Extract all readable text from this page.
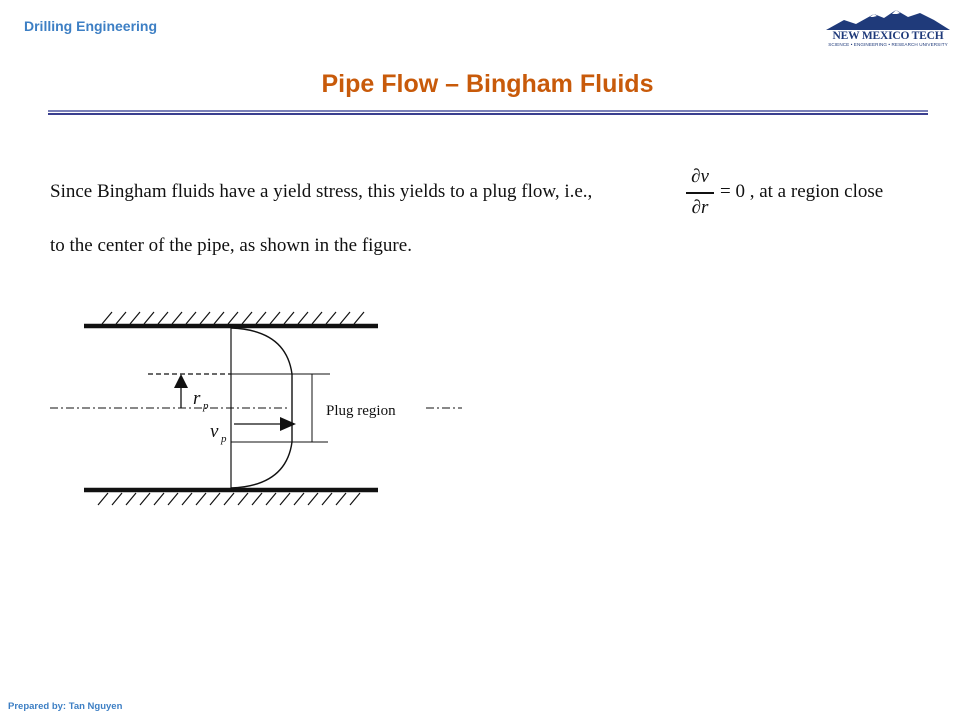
Drilling Engineering
NEW MEXICO TECH
SCIENCE • ENGINEERING • RESEARCH UNIVERSITY
Pipe Flow – Bingham Fluids
Since Bingham fluids have a yield stress, this yields to a plug flow, i.e.,
∂v
∂r
= 0 , at a region close
to the center of the pipe, as shown in the figure.
r p
v p
Plug region
Prepared by: Tan Nguyen
